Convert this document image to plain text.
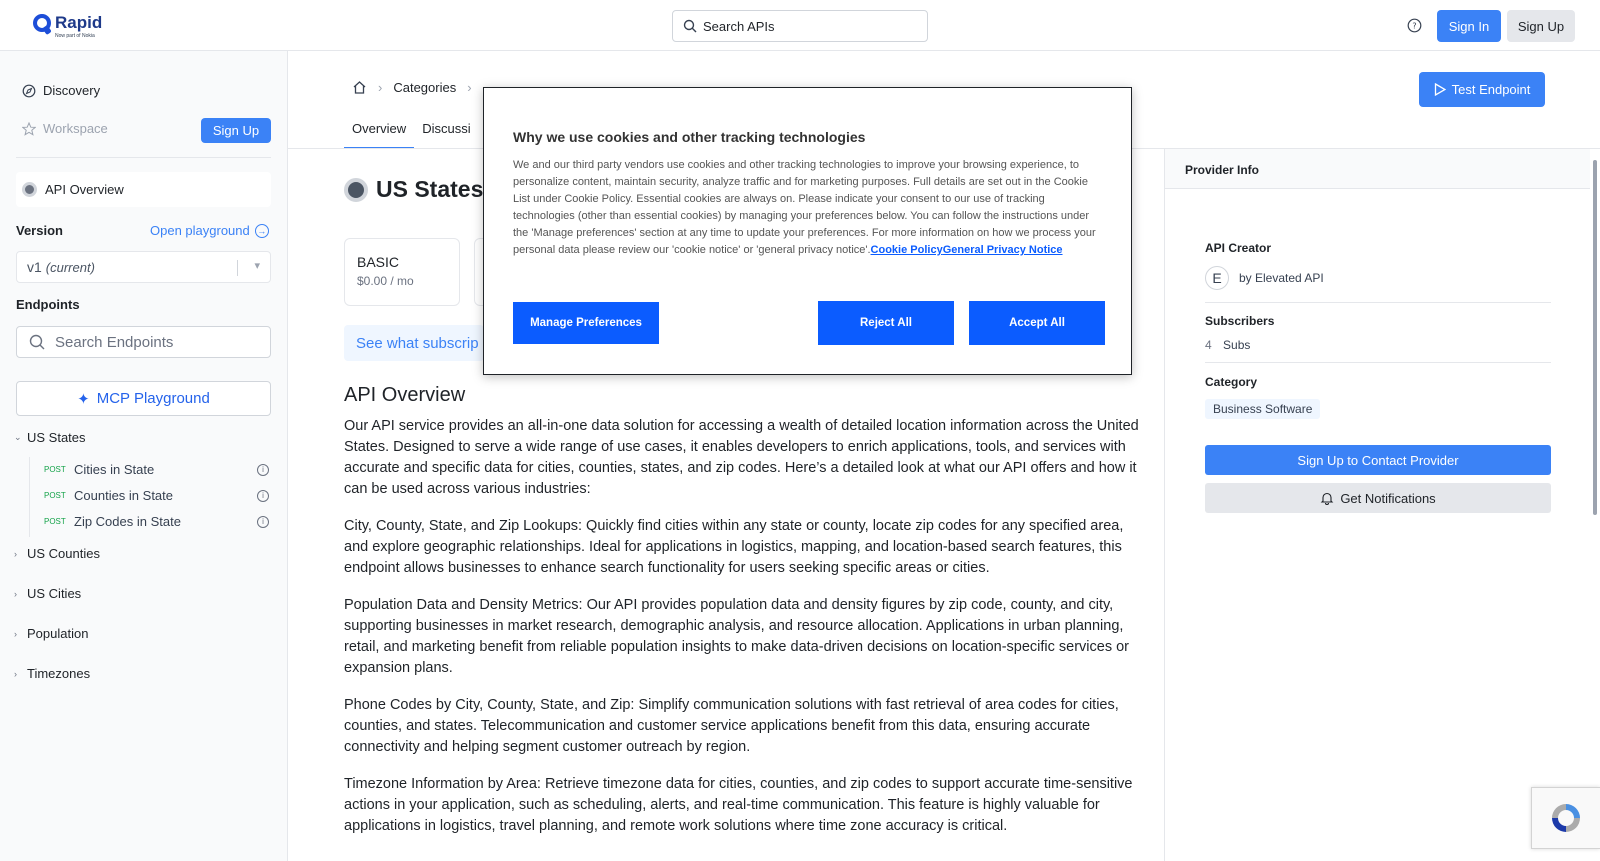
Rapid
Now part of Nokia
Search APIs	?	Sign In	Sign Up
Discovery
Workspace	Sign Up
API Overview
Version	Open playground →
v1 (current)	▾
Endpoints
Search Endpoints
✦ MCP Playground
⌄ US States
POST Cities in State	i
POST Counties in State	i
POST Zip Codes in State	i
› US Counties
› US Cities
› Population
› Timezones
› Categories ›
Overview	Discussi
Test Endpoint
US States
BASIC
$0.00 / mo
See what subscrip
API Overview

Our API service provides an all-in-one data solution for accessing a wealth of detailed location information across the United States. Designed to serve a wide range of use cases, it enables developers to enrich applications, tools, and services with accurate and specific data for cities, counties, states, and zip codes. Here’s a detailed look at what our API offers and how it can be used across various industries:

City, County, State, and Zip Lookups: Quickly find cities within any state or county, locate zip codes for any specified area, and explore geographic relationships. Ideal for applications in logistics, mapping, and location-based search features, this endpoint allows businesses to enhance search functionality for users seeking specific areas or cities.

Population Data and Density Metrics: Our API provides population data and density figures by zip code, county, and city, supporting businesses in market research, demographic analysis, and resource allocation. Applications in urban planning, retail, and marketing benefit from reliable population insights to make data-driven decisions on location-specific services or expansion plans.

Phone Codes by City, County, State, and Zip: Simplify communication solutions with fast retrieval of area codes for cities, counties, and states. Telecommunication and customer service applications benefit from this data, ensuring accurate connectivity and helping segment customer outreach by region.

Timezone Information by Area: Retrieve timezone data for cities, counties, and zip codes to support accurate time-sensitive actions in your application, such as scheduling, alerts, and real-time communication. This feature is highly valuable for applications in logistics, travel planning, and remote work solutions where time zone accuracy is critical.

Provider Info
API Creator
E	by Elevated API
Subscribers
4 Subs
Category
Business Software
Sign Up to Contact Provider
Get Notifications
Why we use cookies and other tracking technologies
We and our third party vendors use cookies and other tracking technologies to improve your browsing experience, to personalize content, maintain security, analyze traffic and for marketing purposes. Full details are set out in the Cookie List under Cookie Policy. Essential cookies are always on. Please indicate your consent to our use of tracking technologies (other than essential cookies) by managing your preferences below. You can follow the instructions under the 'Manage preferences' section at any time to update your preferences. For more information on how we process your personal data please review our 'cookie notice' or 'general privacy notice'.Cookie PolicyGeneral Privacy Notice
Manage Preferences	Reject All	Accept All
